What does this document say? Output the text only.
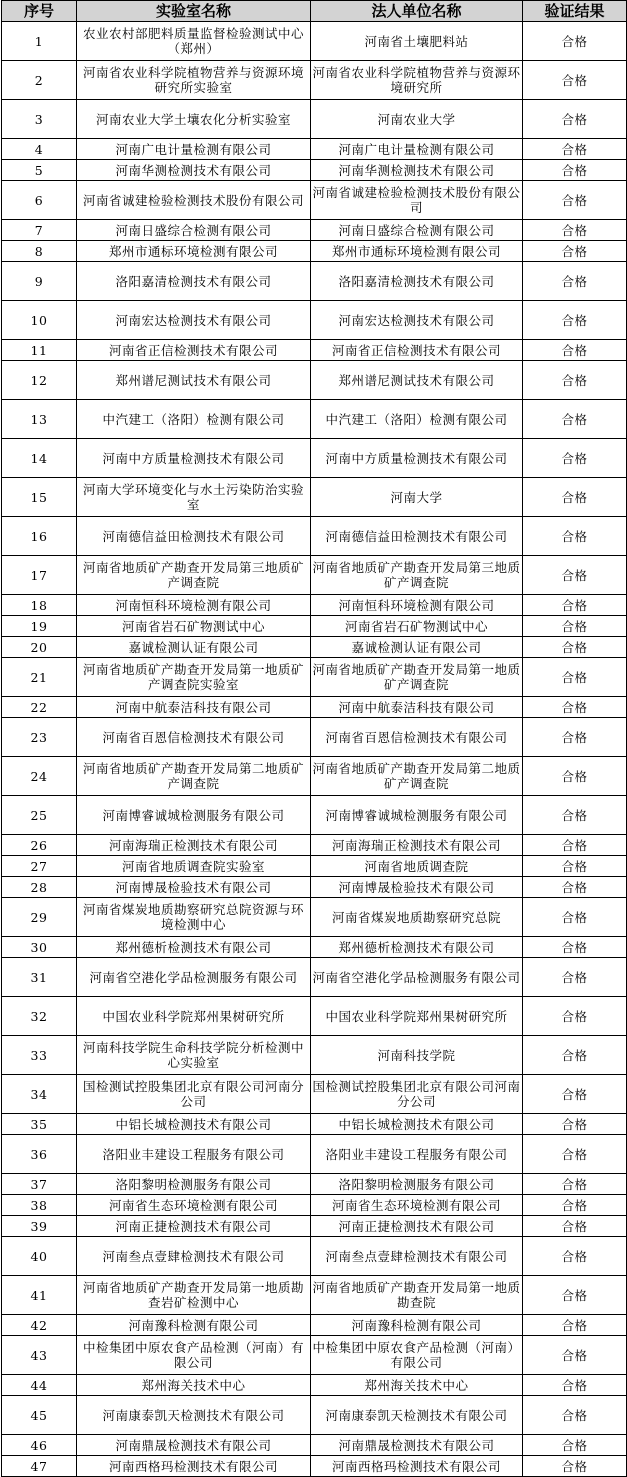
序号	实验室名称	法人单位名称	验证结果
1	农业农村部肥料质量监督检验测试中心（郑州）	河南省土壤肥料站	合格
2	河南省农业科学院植物营养与资源环境研究所实验室	河南省农业科学院植物营养与资源环境研究所	合格
3	河南农业大学土壤农化分析实验室	河南农业大学	合格
4	河南广电计量检测有限公司	河南广电计量检测有限公司	合格
5	河南华测检测技术有限公司	河南华测检测技术有限公司	合格
6	河南省诚建检验检测技术股份有限公司	河南省诚建检验检测技术股份有限公司	合格
7	河南日盛综合检测有限公司	河南日盛综合检测有限公司	合格
8	郑州市通标环境检测有限公司	郑州市通标环境检测有限公司	合格
9	洛阳嘉清检测技术有限公司	洛阳嘉清检测技术有限公司	合格
10	河南宏达检测技术有限公司	河南宏达检测技术有限公司	合格
11	河南省正信检测技术有限公司	河南省正信检测技术有限公司	合格
12	郑州谱尼测试技术有限公司	郑州谱尼测试技术有限公司	合格
13	中汽建工（洛阳）检测有限公司	中汽建工（洛阳）检测有限公司	合格
14	河南中方质量检测技术有限公司	河南中方质量检测技术有限公司	合格
15	河南大学环境变化与水土污染防治实验室	河南大学	合格
16	河南德信益田检测技术有限公司	河南德信益田检测技术有限公司	合格
17	河南省地质矿产勘查开发局第三地质矿产调查院	河南省地质矿产勘查开发局第三地质矿产调查院	合格
18	河南恒科环境检测有限公司	河南恒科环境检测有限公司	合格
19	河南省岩石矿物测试中心	河南省岩石矿物测试中心	合格
20	嘉诚检测认证有限公司	嘉诚检测认证有限公司	合格
21	河南省地质矿产勘查开发局第一地质矿产调查院实验室	河南省地质矿产勘查开发局第一地质矿产调查院	合格
22	河南中航泰洁科技有限公司	河南中航泰洁科技有限公司	合格
23	河南省百恩信检测技术有限公司	河南省百恩信检测技术有限公司	合格
24	河南省地质矿产勘查开发局第二地质矿产调查院	河南省地质矿产勘查开发局第二地质矿产调查院	合格
25	河南博睿诚城检测服务有限公司	河南博睿诚城检测服务有限公司	合格
26	河南海瑞正检测技术有限公司	河南海瑞正检测技术有限公司	合格
27	河南省地质调查院实验室	河南省地质调查院	合格
28	河南博晟检验技术有限公司	河南博晟检验技术有限公司	合格
29	河南省煤炭地质勘察研究总院资源与环境检测中心	河南省煤炭地质勘察研究总院	合格
30	郑州德析检测技术有限公司	郑州德析检测技术有限公司	合格
31	河南省空港化学品检测服务有限公司	河南省空港化学品检测服务有限公司	合格
32	中国农业科学院郑州果树研究所	中国农业科学院郑州果树研究所	合格
33	河南科技学院生命科技学院分析检测中心实验室	河南科技学院	合格
34	国检测试控股集团北京有限公司河南分公司	国检测试控股集团北京有限公司河南分公司	合格
35	中铝长城检测技术有限公司	中铝长城检测技术有限公司	合格
36	洛阳业丰建设工程服务有限公司	洛阳业丰建设工程服务有限公司	合格
37	洛阳黎明检测服务有限公司	洛阳黎明检测服务有限公司	合格
38	河南省生态环境检测有限公司	河南省生态环境检测有限公司	合格
39	河南正捷检测技术有限公司	河南正捷检测技术有限公司	合格
40	河南叁点壹肆检测技术有限公司	河南叁点壹肆检测技术有限公司	合格
41	河南省地质矿产勘查开发局第一地质勘查岩矿检测中心	河南省地质矿产勘查开发局第一地质勘查院	合格
42	河南豫科检测有限公司	河南豫科检测有限公司	合格
43	中检集团中原农食产品检测（河南）有限公司	中检集团中原农食产品检测（河南）有限公司	合格
44	郑州海关技术中心	郑州海关技术中心	合格
45	河南康泰凯天检测技术有限公司	河南康泰凯天检测技术有限公司	合格
46	河南鼎晟检测技术有限公司	河南鼎晟检测技术有限公司	合格
47	河南西格玛检测技术有限公司	河南西格玛检测技术有限公司	合格
